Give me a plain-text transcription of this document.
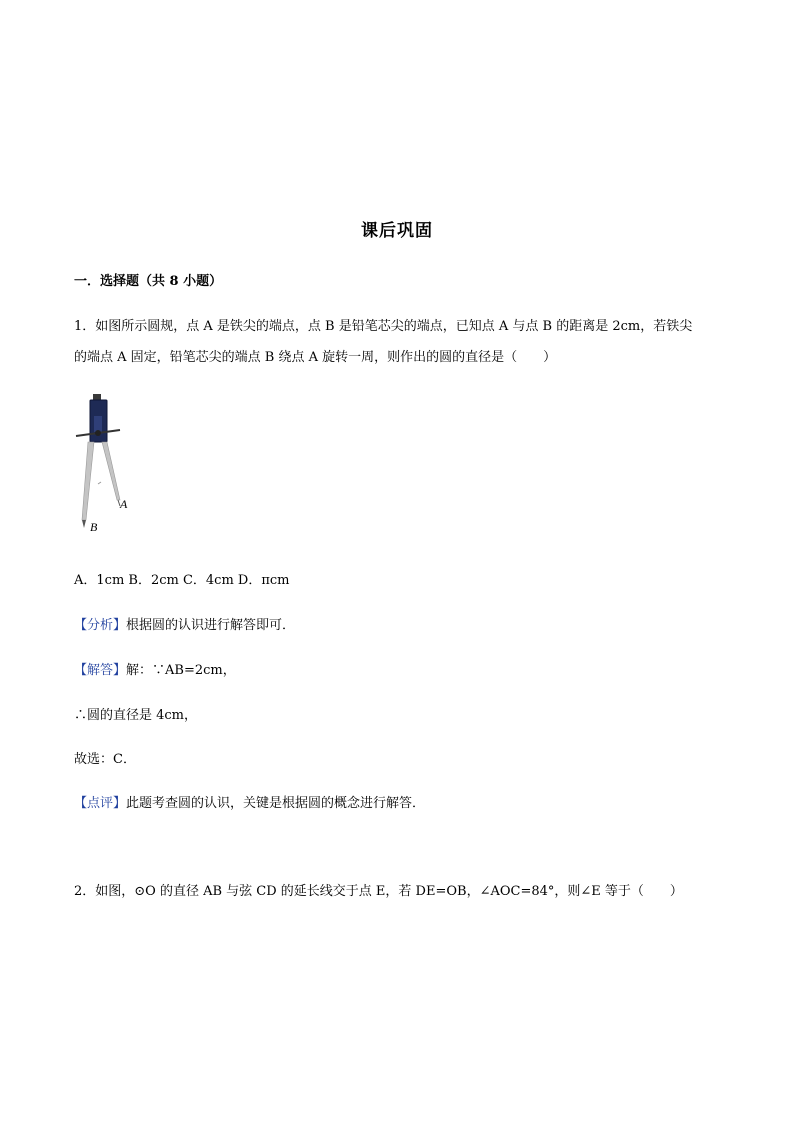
课后巩固
一．选择题（共 8 小题）
1．如图所示圆规，点 A 是铁尖的端点，点 B 是铅笔芯尖的端点，已知点 A 与点 B 的距离是 2cm，若铁尖
的端点 A 固定，铅笔芯尖的端点 B 绕点 A 旋转一周，则作出的圆的直径是（　　）
A
B
A．1cm B．2cm C．4cm D．πcm
【分析】根据圆的认识进行解答即可．
【解答】解：∵AB=2cm，
∴圆的直径是 4cm，
故选：C．
【点评】此题考查圆的认识，关键是根据圆的概念进行解答．
2．如图，⊙O 的直径 AB 与弦 CD 的延长线交于点 E，若 DE=OB，∠AOC=84°，则∠E 等于（　　）
